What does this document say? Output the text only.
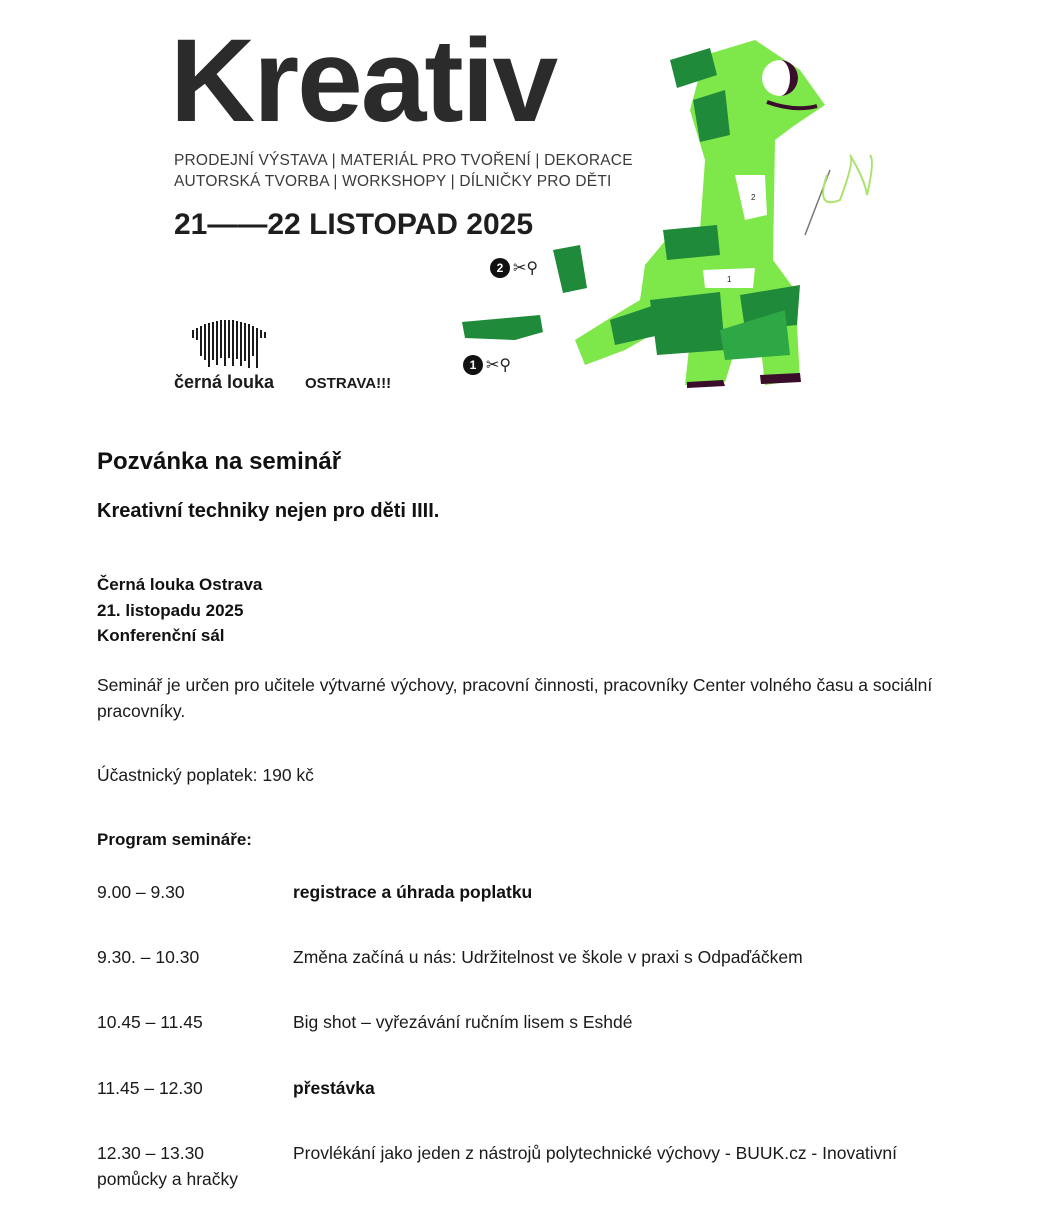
Kreativ
PRODEJNÍ VÝSTAVA | MATERIÁL PRO TVOŘENÍ | DEKORACE
AUTORSKÁ TVORBA | WORKSHOPY | DÍLNIČKY PRO DĚTI
21——22 LISTOPAD 2025
černá louka OSTRAVA!!!
2 ✂⚲
1 ✂⚲
2
1
Pozvánka na seminář
Kreativní techniky nejen pro děti IIII.
Černá louka Ostrava
21. listopadu 2025
Konferenční sál

Seminář je určen pro učitele výtvarné výchovy, pracovní činnosti, pracovníky Center volného času a sociální pracovníky.

Účastnický poplatek: 190 kč

Program semináře:
9.00 – 9.30	registrace a úhrada poplatku
9.30. – 10.30	Změna začíná u nás: Udržitelnost ve škole v praxi s Odpaďáčkem
10.45 – 11.45	Big shot – vyřezávání ručním lisem s Eshdé
11.45 – 12.30	přestávka
12.30 – 13.30	Provlékání jako jeden z nástrojů polytechnické výchovy - BUUK.cz - Inovativní pomůcky a hračky
